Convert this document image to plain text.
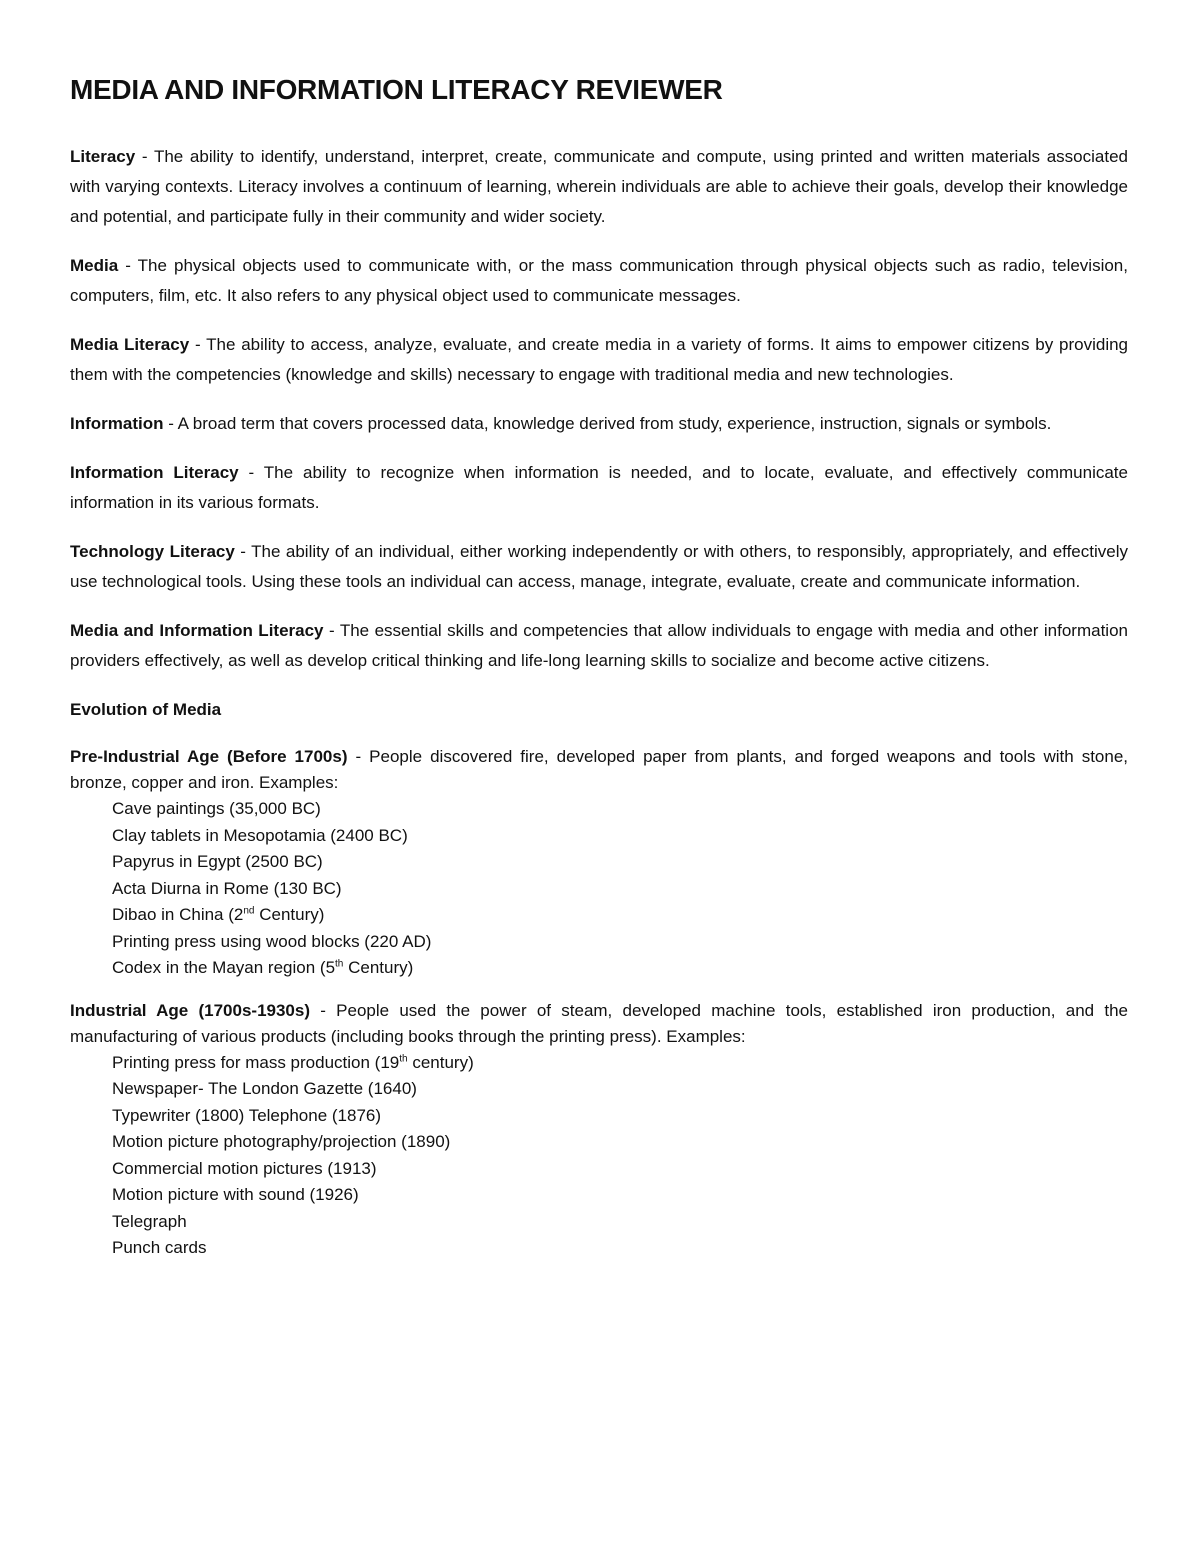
MEDIA AND INFORMATION LITERACY REVIEWER

Literacy - The ability to identify, understand, interpret, create, communicate and compute, using printed and written materials associated with varying contexts. Literacy involves a continuum of learning, wherein individuals are able to achieve their goals, develop their knowledge and potential, and participate fully in their community and wider society.

Media - The physical objects used to communicate with, or the mass communication through physical objects such as radio, television, computers, film, etc. It also refers to any physical object used to communicate messages.

Media Literacy - The ability to access, analyze, evaluate, and create media in a variety of forms. It aims to empower citizens by providing them with the competencies (knowledge and skills) necessary to engage with traditional media and new technologies.

Information - A broad term that covers processed data, knowledge derived from study, experience, instruction, signals or symbols.

Information Literacy - The ability to recognize when information is needed, and to locate, evaluate, and effectively communicate information in its various formats.

Technology Literacy - The ability of an individual, either working independently or with others, to responsibly, appropriately, and effectively use technological tools. Using these tools an individual can access, manage, integrate, evaluate, create and communicate information.

Media and Information Literacy - The essential skills and competencies that allow individuals to engage with media and other information providers effectively, as well as develop critical thinking and life-long learning skills to socialize and become active citizens.

Evolution of Media

Pre-Industrial Age (Before 1700s) - People discovered fire, developed paper from plants, and forged weapons and tools with stone, bronze, copper and iron. Examples:

Cave paintings (35,000 BC)
Clay tablets in Mesopotamia (2400 BC)
Papyrus in Egypt (2500 BC)
Acta Diurna in Rome (130 BC)
Dibao in China (2nd Century)
Printing press using wood blocks (220 AD)
Codex in the Mayan region (5th Century)

Industrial Age (1700s-1930s) - People used the power of steam, developed machine tools, established iron production, and the manufacturing of various products (including books through the printing press). Examples:

Printing press for mass production (19th century)
Newspaper- The London Gazette (1640)
Typewriter (1800) Telephone (1876)
Motion picture photography/projection (1890)
Commercial motion pictures (1913)
Motion picture with sound (1926)
Telegraph
Punch cards
